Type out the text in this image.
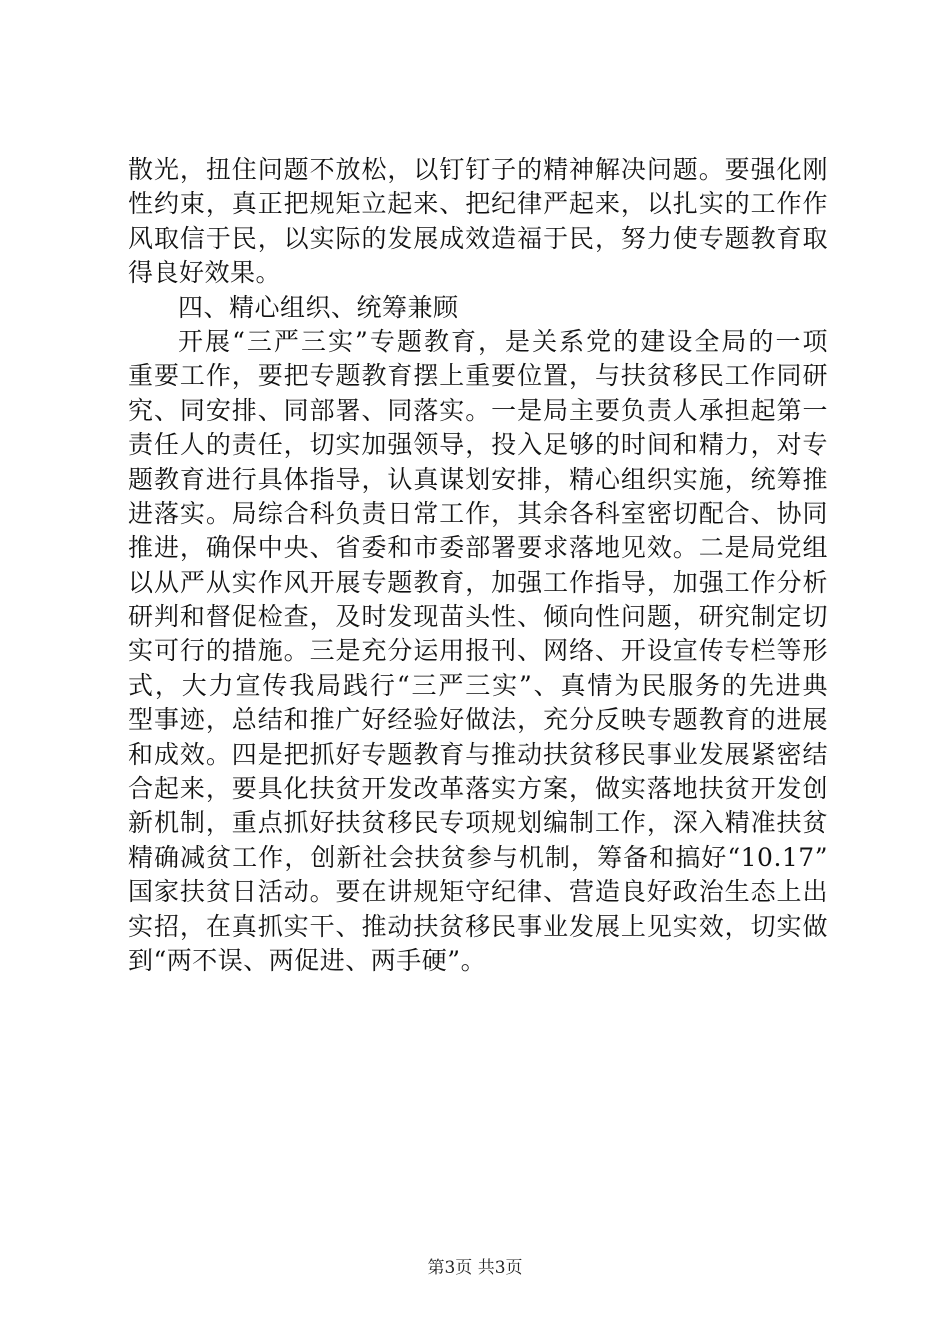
散光，扭住问题不放松，以钉钉子的精神解决问题。要强化刚
性约束，真正把规矩立起来、把纪律严起来，以扎实的工作作
风取信于民，以实际的发展成效造福于民，努力使专题教育取
得良好效果。
四、精心组织、统筹兼顾
开展“三严三实”专题教育，是关系党的建设全局的一项
重要工作，要把专题教育摆上重要位置，与扶贫移民工作同研
究、同安排、同部署、同落实。一是局主要负责人承担起第一
责任人的责任，切实加强领导，投入足够的时间和精力，对专
题教育进行具体指导，认真谋划安排，精心组织实施，统筹推
进落实。局综合科负责日常工作，其余各科室密切配合、协同
推进，确保中央、省委和市委部署要求落地见效。二是局党组
以从严从实作风开展专题教育，加强工作指导，加强工作分析
研判和督促检查，及时发现苗头性、倾向性问题，研究制定切
实可行的措施。三是充分运用报刊、网络、开设宣传专栏等形
式，大力宣传我局践行“三严三实”、真情为民服务的先进典
型事迹，总结和推广好经验好做法，充分反映专题教育的进展
和成效。四是把抓好专题教育与推动扶贫移民事业发展紧密结
合起来，要具化扶贫开发改革落实方案，做实落地扶贫开发创
新机制，重点抓好扶贫移民专项规划编制工作，深入精准扶贫
精确减贫工作，创新社会扶贫参与机制，筹备和搞好“10.17”
国家扶贫日活动。要在讲规矩守纪律、营造良好政治生态上出
实招，在真抓实干、推动扶贫移民事业发展上见实效，切实做
到“两不误、两促进、两手硬”。
第3页 共3页
